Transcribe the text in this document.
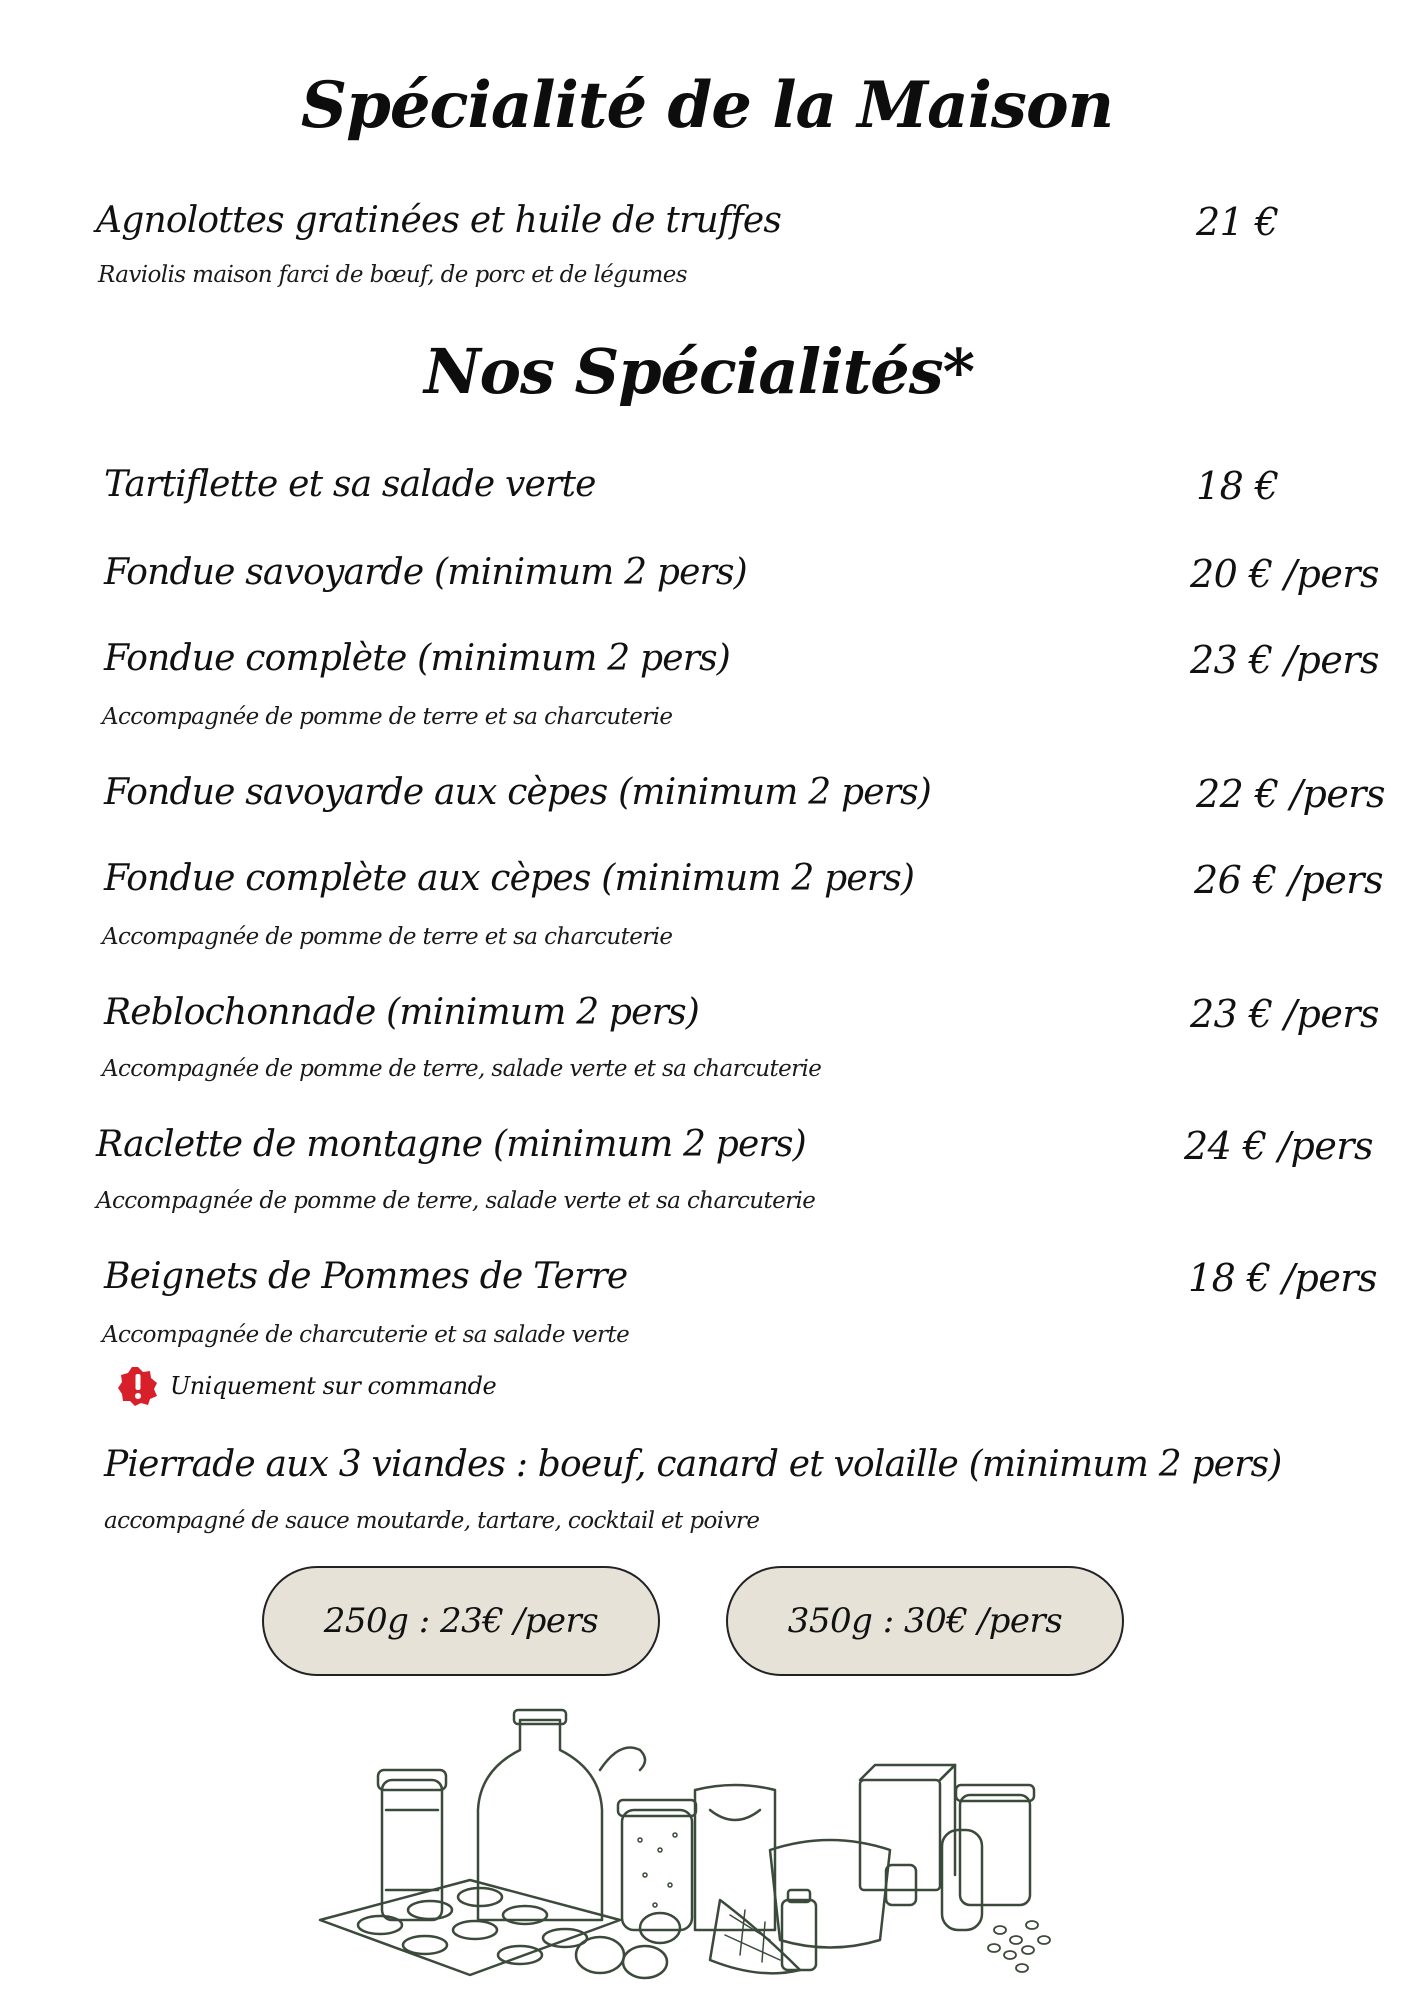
Spécialité de la Maison
Agnolottes gratinées et huile de truffes	21 €
Raviolis maison farci de bœuf, de porc et de légumes
Nos Spécialités*
Tartiflette et sa salade verte	18 €
Fondue savoyarde (minimum 2 pers)	20 € /pers
Fondue complète (minimum 2 pers)	23 € /pers
Accompagnée de pomme de terre et sa charcuterie
Fondue savoyarde aux cèpes (minimum 2 pers)	22 € /pers
Fondue complète aux cèpes (minimum 2 pers)	26 € /pers
Accompagnée de pomme de terre et sa charcuterie
Reblochonnade (minimum 2 pers)	23 € /pers
Accompagnée de pomme de terre, salade verte et sa charcuterie
Raclette de montagne (minimum 2 pers)	24 € /pers
Accompagnée de pomme de terre, salade verte et sa charcuterie
Beignets de Pommes de Terre	18 € /pers
Accompagnée de charcuterie et sa salade verte
Uniquement sur commande
Pierrade aux 3 viandes : boeuf, canard et volaille (minimum 2 pers)
accompagné de sauce moutarde, tartare, cocktail et poivre
250g : 23€ /pers	350g : 30€ /pers
